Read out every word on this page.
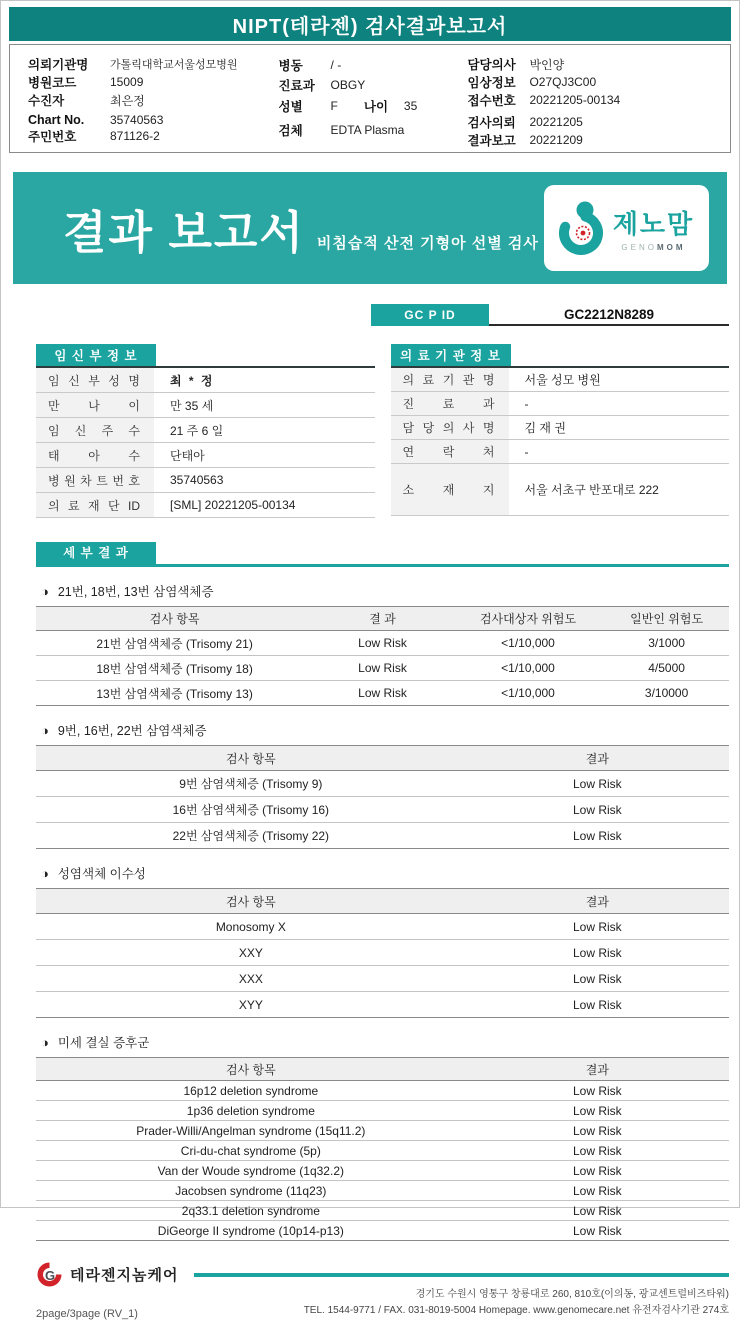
NIPT(테라젠) 검사결과보고서
의뢰기관명	가톨릭대학교서울성모병원
병원코드	15009
수진자	최은정
Chart No.	35740563
주민번호	871126-2
병동	/ -
진료과	OBGY
성별	F 나이	35
검체	EDTA Plasma
담당의사	박인양
임상정보	O27QJ3C00
접수번호	20221205-00134
검사의뢰	20221205
결과보고	20221209
결과 보고서 비침습적 산전 기형아 선별 검사
제노맘
GENOMOM
GC P ID	GC2212N8289
임 신 부 정 보
임 신 부 성 명	최 * 정
만 나 이	만 35 세
임 신 주 수	21 주 6 일
태 아 수	단태아
병 원 차 트 번 호	35740563
의 료 재 단 ID	[SML] 20221205-00134
의 료 기 관 정 보
의 료 기 관 명	서울 성모 병원
진 료 과	-
담 당 의 사 명	김 재 권
연 락 처	-
소 재 지	서울 서초구 반포대로 222
세 부 결 과
◑ 21번, 18번, 13번 삼염색체증
검사 항목	결 과	검사대상자 위험도	일반인 위험도
21번 삼염색체증 (Trisomy 21)	Low Risk	<1/10,000	3/1000
18번 삼염색체증 (Trisomy 18)	Low Risk	<1/10,000	4/5000
13번 삼염색체증 (Trisomy 13)	Low Risk	<1/10,000	3/10000
◑ 9번, 16번, 22번 삼염색체증
검사 항목	결과
9번 삼염색체증 (Trisomy 9)	Low Risk
16번 삼염색체증 (Trisomy 16)	Low Risk
22번 삼염색체증 (Trisomy 22)	Low Risk
◑ 성염색체 이수성
검사 항목	결과
Monosomy X	Low Risk
XXY	Low Risk
XXX	Low Risk
XYY	Low Risk
◑ 미세 결실 증후군
검사 항목	결과
16p12 deletion syndrome	Low Risk
1p36 deletion syndrome	Low Risk
Prader-Willi/Angelman syndrome (15q11.2)	Low Risk
Cri-du-chat syndrome (5p)	Low Risk
Van der Woude syndrome (1q32.2)	Low Risk
Jacobsen syndrome (11q23)	Low Risk
2q33.1 deletion syndrome	Low Risk
DiGeorge II syndrome (10p14-p13)	Low Risk
G 테라젠지놈케어
2page/3page (RV_1)
경기도 수원시 영통구 창룡대로 260, 810호(이의동, 광교센트럴비즈타워)
TEL. 1544-9771 / FAX. 031-8019-5004 Homepage. www.genomecare.net 유전자검사기관 274호
